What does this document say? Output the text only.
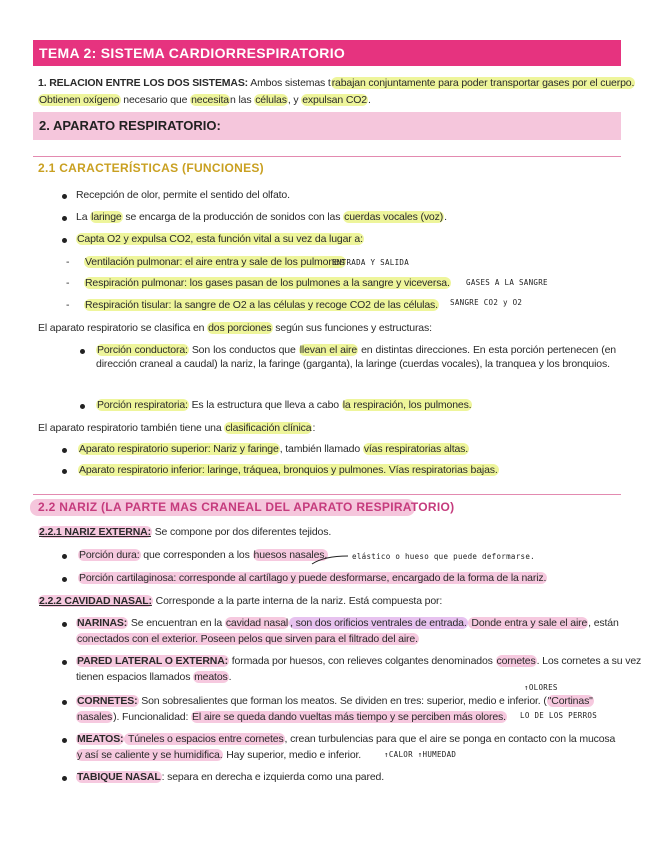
TEMA 2: SISTEMA CARDIORRESPIRATORIO
1. RELACION ENTRE LOS DOS SISTEMAS: Ambos sistemas trabajan conjuntamente para poder transportar gases por el cuerpo.
Obtienen oxígeno necesario que necesitan las células, y expulsan CO2.
2. APARATO RESPIRATORIO:
2.1 CARACTERÍSTICAS (FUNCIONES)
Recepción de olor, permite el sentido del olfato.
La laringe se encarga de la producción de sonidos con las cuerdas vocales (voz).
Capta O2 y expulsa CO2, esta función vital a su vez da lugar a:
- Ventilación pulmonar: el aire entra y sale de los pulmones
ENTRADA Y SALIDA
- Respiración pulmonar: los gases pasan de los pulmones a la sangre y viceversa. GASES A LA SANGRE
- Respiración tisular: la sangre de O2 a las células y recoge CO2 de las células. SANGRE CO2 y O2
El aparato respiratorio se clasifica en dos porciones según sus funciones y estructuras:
Porción conductora: Son los conductos que llevan el aire en distintas direcciones. En esta porción pertenecen (en dirección craneal a caudal) la nariz, la faringe (garganta), la laringe (cuerdas vocales), la tranquea y los bronquios.
Porción respiratoria: Es la estructura que lleva a cabo la respiración, los pulmones.
El aparato respiratorio también tiene una clasificación clínica:
Aparato respiratorio superior: Nariz y faringe, también llamado vías respiratorias altas.
Aparato respiratorio inferior: laringe, tráquea, bronquios y pulmones. Vías respiratorias bajas.
2.2 NARIZ (LA PARTE MAS CRANEAL DEL APARATO RESPIRATORIO)
2.2.1 NARIZ EXTERNA: Se compone por dos diferentes tejidos.
Porción dura: que corresponden a los huesos nasales.	elástico o hueso que puede deformarse.
Porción cartilaginosa: corresponde al cartílago y puede desformarse, encargado de la forma de la nariz.
2.2.2 CAVIDAD NASAL: Corresponde a la parte interna de la nariz. Está compuesta por:
NARINAS: Se encuentran en la cavidad nasal , son dos orificios ventrales de entrada. Donde entra y sale el aire, están
conectados con el exterior. Poseen pelos que sirven para el filtrado del aire.
PARED LATERAL O EXTERNA: formada por huesos, con relieves colgantes denominados cornetes. Los cornetes a su vez
tienen espacios llamados meatos.
↑OLORES
CORNETES: Son sobresalientes que forman los meatos. Se dividen en tres: superior, medio e inferior. ("Cortinas"
nasales). Funcionalidad: El aire se queda dando vueltas más tiempo y se perciben más olores. LO DE LOS PERROS
MEATOS: Túneles o espacios entre cornetes, crean turbulencias para que el aire se ponga en contacto con la mucosa
y así se caliente y se humidifica. Hay superior, medio e inferior.	↑CALOR ↑HUMEDAD
TABIQUE NASAL: separa en derecha e izquierda como una pared.
